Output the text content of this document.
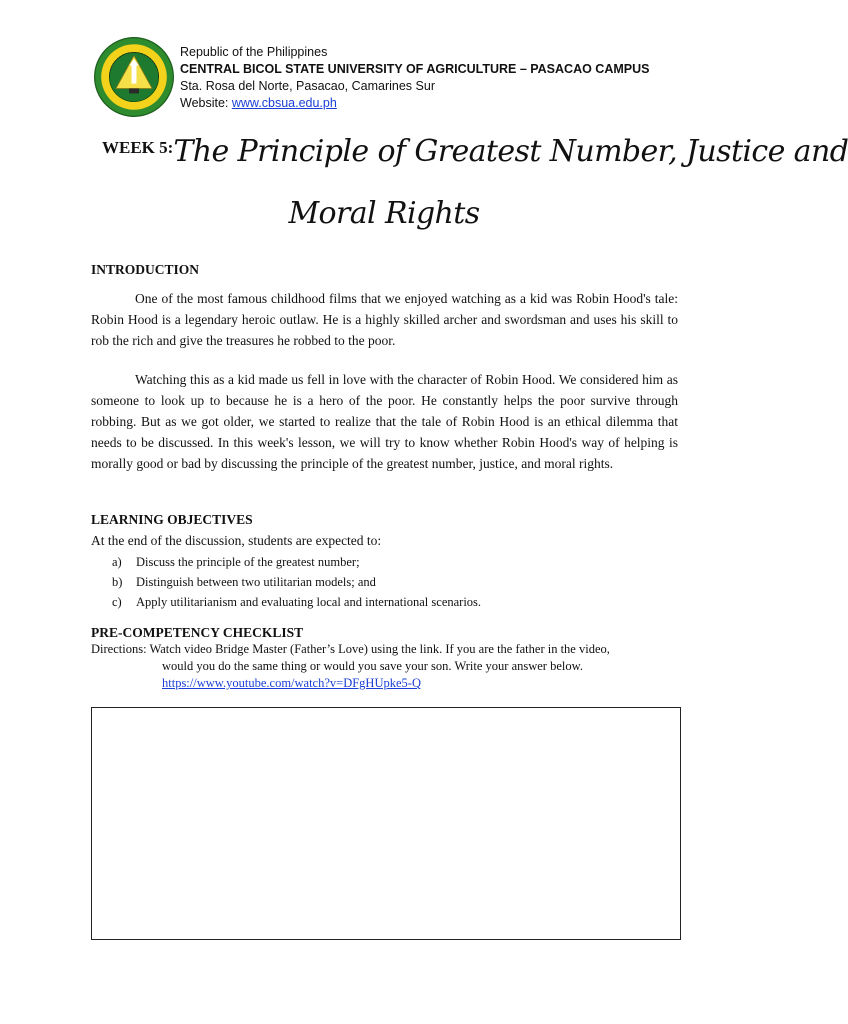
Republic of the Philippines
CENTRAL BICOL STATE UNIVERSITY OF AGRICULTURE – PASACAO CAMPUS
Sta. Rosa del Norte, Pasacao, Camarines Sur
Website: www.cbsua.edu.ph
WEEK 5:The Principle of Greatest Number, Justice and
Moral Rights
INTRODUCTION

One of the most famous childhood films that we enjoyed watching as a kid was Robin Hood's tale: Robin Hood is a legendary heroic outlaw. He is a highly skilled archer and swordsman and uses his skill to rob the rich and give the treasures he robbed to the poor.

Watching this as a kid made us fell in love with the character of Robin Hood. We considered him as someone to look up to because he is a hero of the poor. He constantly helps the poor survive through robbing. But as we got older, we started to realize that the tale of Robin Hood is an ethical dilemma that needs to be discussed. In this week's lesson, we will try to know whether Robin Hood's way of helping is morally good or bad by discussing the principle of the greatest number, justice, and moral rights.

LEARNING OBJECTIVES

At the end of the discussion, students are expected to:

a) Discuss the principle of the greatest number;
b) Distinguish between two utilitarian models; and
c) Apply utilitarianism and evaluating local and international scenarios.
PRE-COMPETENCY CHECKLIST
Directions: Watch video Bridge Master (Father’s Love) using the link. If you are the father in the video,
would you do the same thing or would you save your son. Write your answer below.
https://www.youtube.com/watch?v=DFgHUpke5-Q
